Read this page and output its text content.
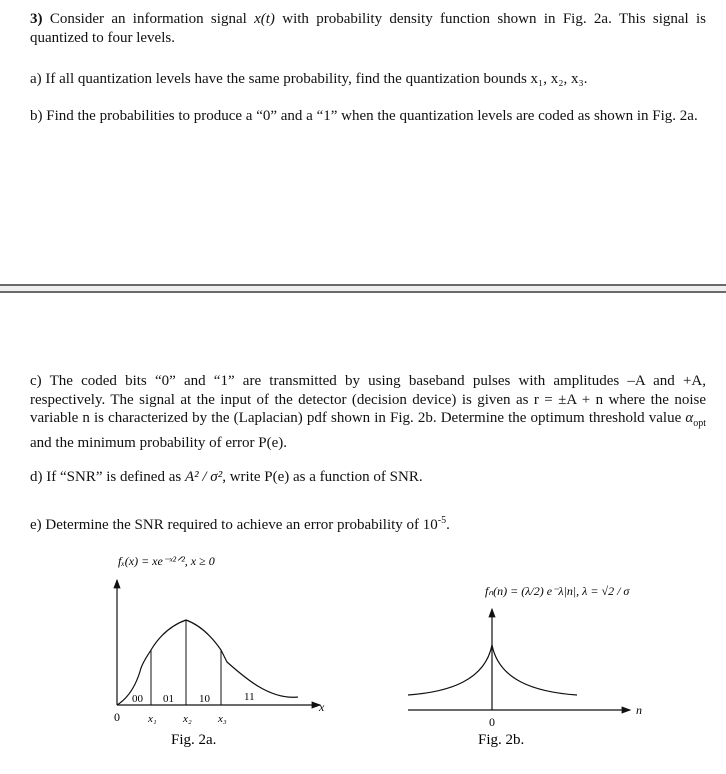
3) Consider an information signal x(t) with probability density function shown in Fig. 2a. This signal is quantized to four levels.
a) If all quantization levels have the same probability, find the quantization bounds x₁, x₂, x₃.
b) Find the probabilities to produce a “0” and a “1” when the quantization levels are coded as shown in Fig. 2a.
c) The coded bits “0” and “1” are transmitted by using baseband pulses with amplitudes –A and +A, respectively. The signal at the input of the detector (decision device) is given as r = ±A + n where the noise variable n is characterized by the (Laplacian) pdf shown in Fig. 2b. Determine the optimum threshold value $\alpha_{opt}$ and the minimum probability of error P(e).
d) If “SNR” is defined as A² / σ², write P(e) as a function of SNR.
e) Determine the SNR required to achieve an error probability of $10^{-5}$.
fₓ(x) = xe⁻ˣ²ᐟ², x ≥ 0
0
x
x₁ x₂ x₃
00 01 10	11
Fig. 2a.
fₙ(n) = (λ/2) e⁻λ|n|, λ = √2 / σ
n
0
Fig. 2b.
